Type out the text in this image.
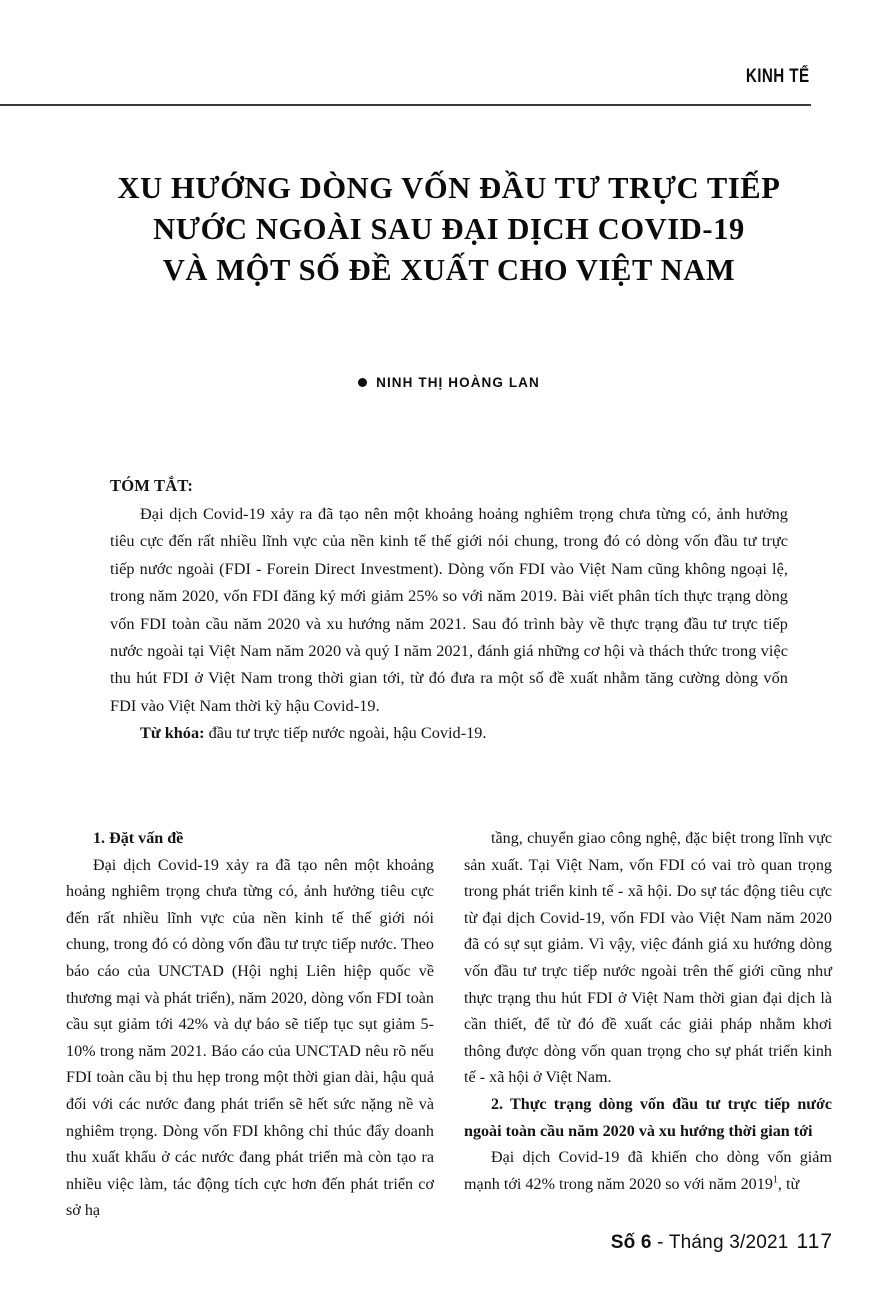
KINH TẾ
XU HƯỚNG DÒNG VỐN ĐẦU TƯ TRỰC TIẾP
NƯỚC NGOÀI SAU ĐẠI DỊCH COVID-19
VÀ MỘT SỐ ĐỀ XUẤT CHO VIỆT NAM
NINH THỊ HOÀNG LAN
TÓM TẮT:
Đại dịch Covid-19 xảy ra đã tạo nên một khoảng hoảng nghiêm trọng chưa từng có, ảnh hưởng tiêu cực đến rất nhiều lĩnh vực của nền kinh tế thế giới nói chung, trong đó có dòng vốn đầu tư trực tiếp nước ngoài (FDI - Forein Direct Investment). Dòng vốn FDI vào Việt Nam cũng không ngoại lệ, trong năm 2020, vốn FDI đăng ký mới giảm 25% so với năm 2019. Bài viết phân tích thực trạng dòng vốn FDI toàn cầu năm 2020 và xu hướng năm 2021. Sau đó trình bày về thực trạng đầu tư trực tiếp nước ngoài tại Việt Nam năm 2020 và quý I năm 2021, đánh giá những cơ hội và thách thức trong việc thu hút FDI ở Việt Nam trong thời gian tới, từ đó đưa ra một số đề xuất nhằm tăng cường dòng vốn FDI vào Việt Nam thời kỳ hậu Covid-19.
Từ khóa: đầu tư trực tiếp nước ngoài, hậu Covid-19.
1. Đặt vấn đề

Đại dịch Covid-19 xảy ra đã tạo nên một khoảng hoảng nghiêm trọng chưa từng có, ảnh hưởng tiêu cực đến rất nhiều lĩnh vực của nền kinh tế thế giới nói chung, trong đó có dòng vốn đầu tư trực tiếp nước. Theo báo cáo của UNCTAD (Hội nghị Liên hiệp quốc về thương mại và phát triển), năm 2020, dòng vốn FDI toàn cầu sụt giảm tới 42% và dự báo sẽ tiếp tục sụt giảm 5-10% trong năm 2021. Báo cáo của UNCTAD nêu rõ nếu FDI toàn cầu bị thu hẹp trong một thời gian dài, hậu quả đối với các nước đang phát triển sẽ hết sức nặng nề và nghiêm trọng. Dòng vốn FDI không chỉ thúc đẩy doanh thu xuất khẩu ở các nước đang phát triển mà còn tạo ra nhiều việc làm, tác động tích cực hơn đến phát triển cơ sở hạ

tầng, chuyển giao công nghệ, đặc biệt trong lĩnh vực sản xuất. Tại Việt Nam, vốn FDI có vai trò quan trọng trong phát triển kinh tế - xã hội. Do sự tác động tiêu cực từ đại dịch Covid-19, vốn FDI vào Việt Nam năm 2020 đã có sự sụt giảm. Vì vậy, việc đánh giá xu hướng dòng vốn đầu tư trực tiếp nước ngoài trên thế giới cũng như thực trạng thu hút FDI ở Việt Nam thời gian đại dịch là cần thiết, để từ đó đề xuất các giải pháp nhằm khơi thông được dòng vốn quan trọng cho sự phát triển kinh tế - xã hội ở Việt Nam.

2. Thực trạng dòng vốn đầu tư trực tiếp nước ngoài toàn cầu năm 2020 và xu hướng thời gian tới

Đại dịch Covid-19 đã khiến cho dòng vốn giảm mạnh tới 42% trong năm 2020 so với năm 2019$^1$, từ

Số 6 - Tháng 3/2021 117
